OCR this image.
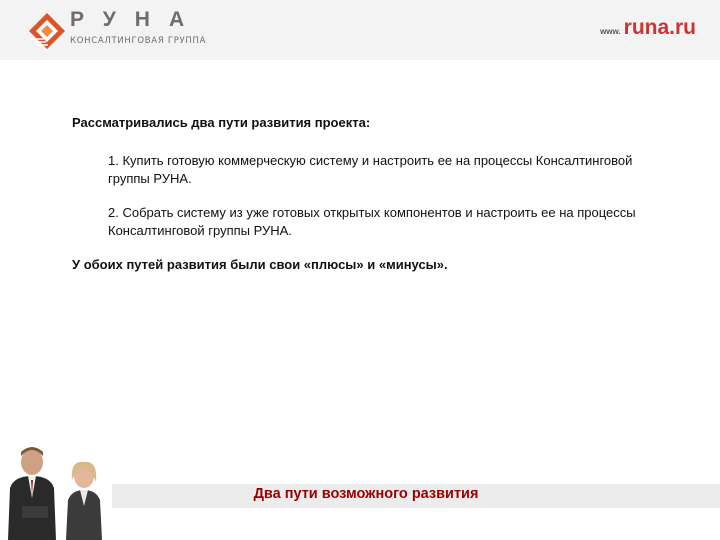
РУНА
КОНСАЛТИНГОВАЯ ГРУППА
www. runa.ru

Рассматривались два пути развития проекта:

1. Купить готовую коммерческую систему и настроить ее на процессы Консалтинговой группы РУНА.

2. Собрать систему из уже готовых открытых компонентов и настроить ее на процессы Консалтинговой группы РУНА.

У обоих путей развития были свои «плюсы» и «минусы».

Два пути возможного развития
